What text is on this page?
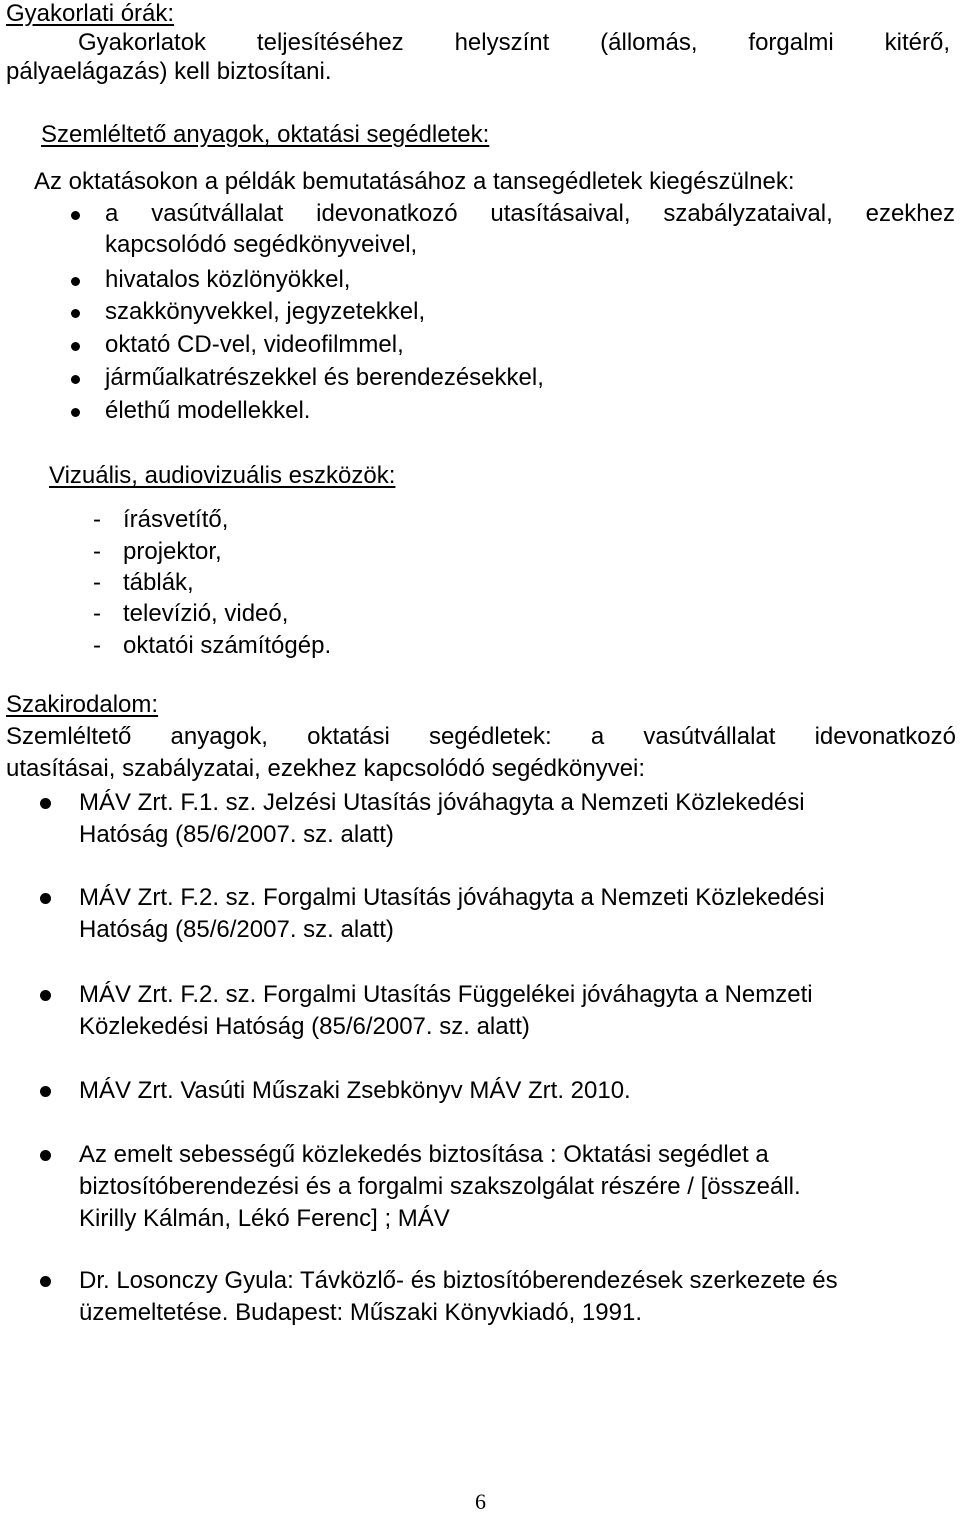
Gyakorlati órák:
Gyakorlatok teljesítéséhez helyszínt (állomás, forgalmi kitérő,
pályaelágazás) kell biztosítani.
Szemléltető anyagok, oktatási segédletek:
Az oktatásokon a példák bemutatásához a tansegédletek kiegészülnek:
a vasútvállalat idevonatkozó utasításaival, szabályzataival, ezekhez
kapcsolódó segédkönyveivel,
hivatalos közlönyökkel,
szakkönyvekkel, jegyzetekkel,
oktató CD-vel, videofilmmel,
járműalkatrészekkel és berendezésekkel,
élethű modellekkel.
Vizuális, audiovizuális eszközök:
- írásvetítő,
- projektor,
- táblák,
- televízió, videó,
- oktatói számítógép.
Szakirodalom:
Szemléltető anyagok, oktatási segédletek: a vasútvállalat idevonatkozó
utasításai, szabályzatai, ezekhez kapcsolódó segédkönyvei:
MÁV Zrt. F.1. sz. Jelzési Utasítás jóváhagyta a Nemzeti Közlekedési
Hatóság (85/6/2007. sz. alatt)
MÁV Zrt. F.2. sz. Forgalmi Utasítás jóváhagyta a Nemzeti Közlekedési
Hatóság (85/6/2007. sz. alatt)
MÁV Zrt. F.2. sz. Forgalmi Utasítás Függelékei jóváhagyta a Nemzeti
Közlekedési Hatóság (85/6/2007. sz. alatt)
MÁV Zrt. Vasúti Műszaki Zsebkönyv MÁV Zrt. 2010.
Az emelt sebességű közlekedés biztosítása : Oktatási segédlet a
biztosítóberendezési és a forgalmi szakszolgálat részére / [összeáll.
Kirilly Kálmán, Lékó Ferenc] ; MÁV
Dr. Losonczy Gyula: Távközlő- és biztosítóberendezések szerkezete és
üzemeltetése. Budapest: Műszaki Könyvkiadó, 1991.
6
